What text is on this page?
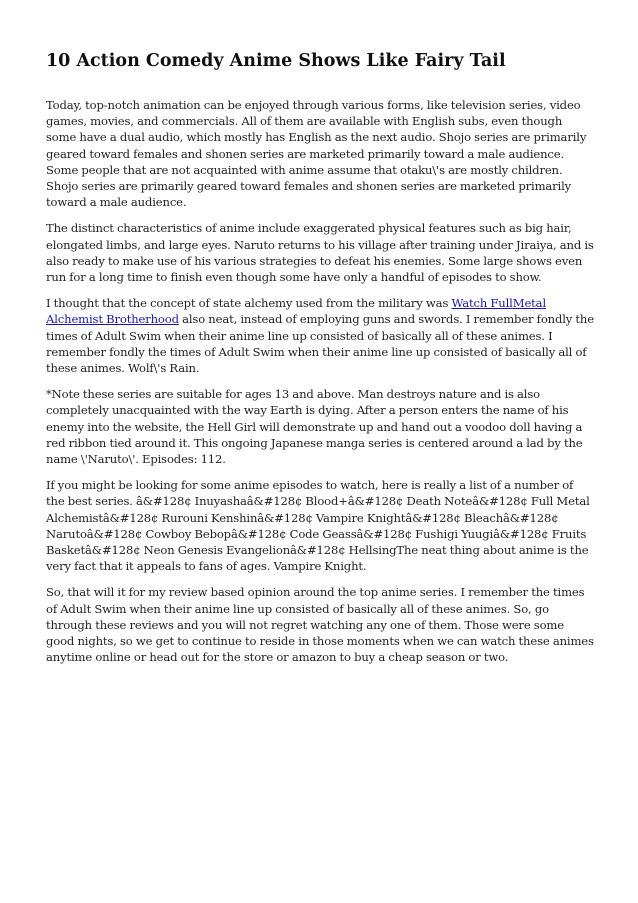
10 Action Comedy Anime Shows Like Fairy Tail

Today, top-notch animation can be enjoyed through various forms, like television series, video games, movies, and commercials. All of them are available with English subs, even though some have a dual audio, which mostly has English as the next audio. Shojo series are primarily geared toward females and shonen series are marketed primarily toward a male audience. Some people that are not acquainted with anime assume that otaku\'s are mostly children. Shojo series are primarily geared toward females and shonen series are marketed primarily toward a male audience.

The distinct characteristics of anime include exaggerated physical features such as big hair, elongated limbs, and large eyes. Naruto returns to his village after training under Jiraiya, and is also ready to make use of his various strategies to defeat his enemies. Some large shows even run for a long time to finish even though some have only a handful of episodes to show.

I thought that the concept of state alchemy used from the military was Watch FullMetal Alchemist Brotherhood also neat, instead of employing guns and swords. I remember fondly the times of Adult Swim when their anime line up consisted of basically all of these animes. I remember fondly the times of Adult Swim when their anime line up consisted of basically all of these animes. Wolf\'s Rain.

*Note these series are suitable for ages 13 and above. Man destroys nature and is also completely unacquainted with the way Earth is dying. After a person enters the name of his enemy into the website, the Hell Girl will demonstrate up and hand out a voodoo doll having a red ribbon tied around it. This ongoing Japanese manga series is centered around a lad by the name \'Naruto\'. Episodes: 112.

If you might be looking for some anime episodes to watch, here is really a list of a number of the best series. â&#128¢ Inuyashaâ&#128¢ Blood+â&#128¢ Death Noteâ&#128¢ Full Metal Alchemistâ&#128¢ Rurouni Kenshinâ&#128¢ Vampire Knightâ&#128¢ Bleachâ&#128¢ Narutoâ&#128¢ Cowboy Bebopâ&#128¢ Code Geassâ&#128¢ Fushigi Yuugiâ&#128¢ Fruits Basketâ&#128¢ Neon Genesis Evangelionâ&#128¢ HellsingThe neat thing about anime is the very fact that it appeals to fans of ages. Vampire Knight.

So, that will it for my review based opinion around the top anime series. I remember the times of Adult Swim when their anime line up consisted of basically all of these animes. So, go through these reviews and you will not regret watching any one of them. Those were some good nights, so we get to continue to reside in those moments when we can watch these animes anytime online or head out for the store or amazon to buy a cheap season or two.
